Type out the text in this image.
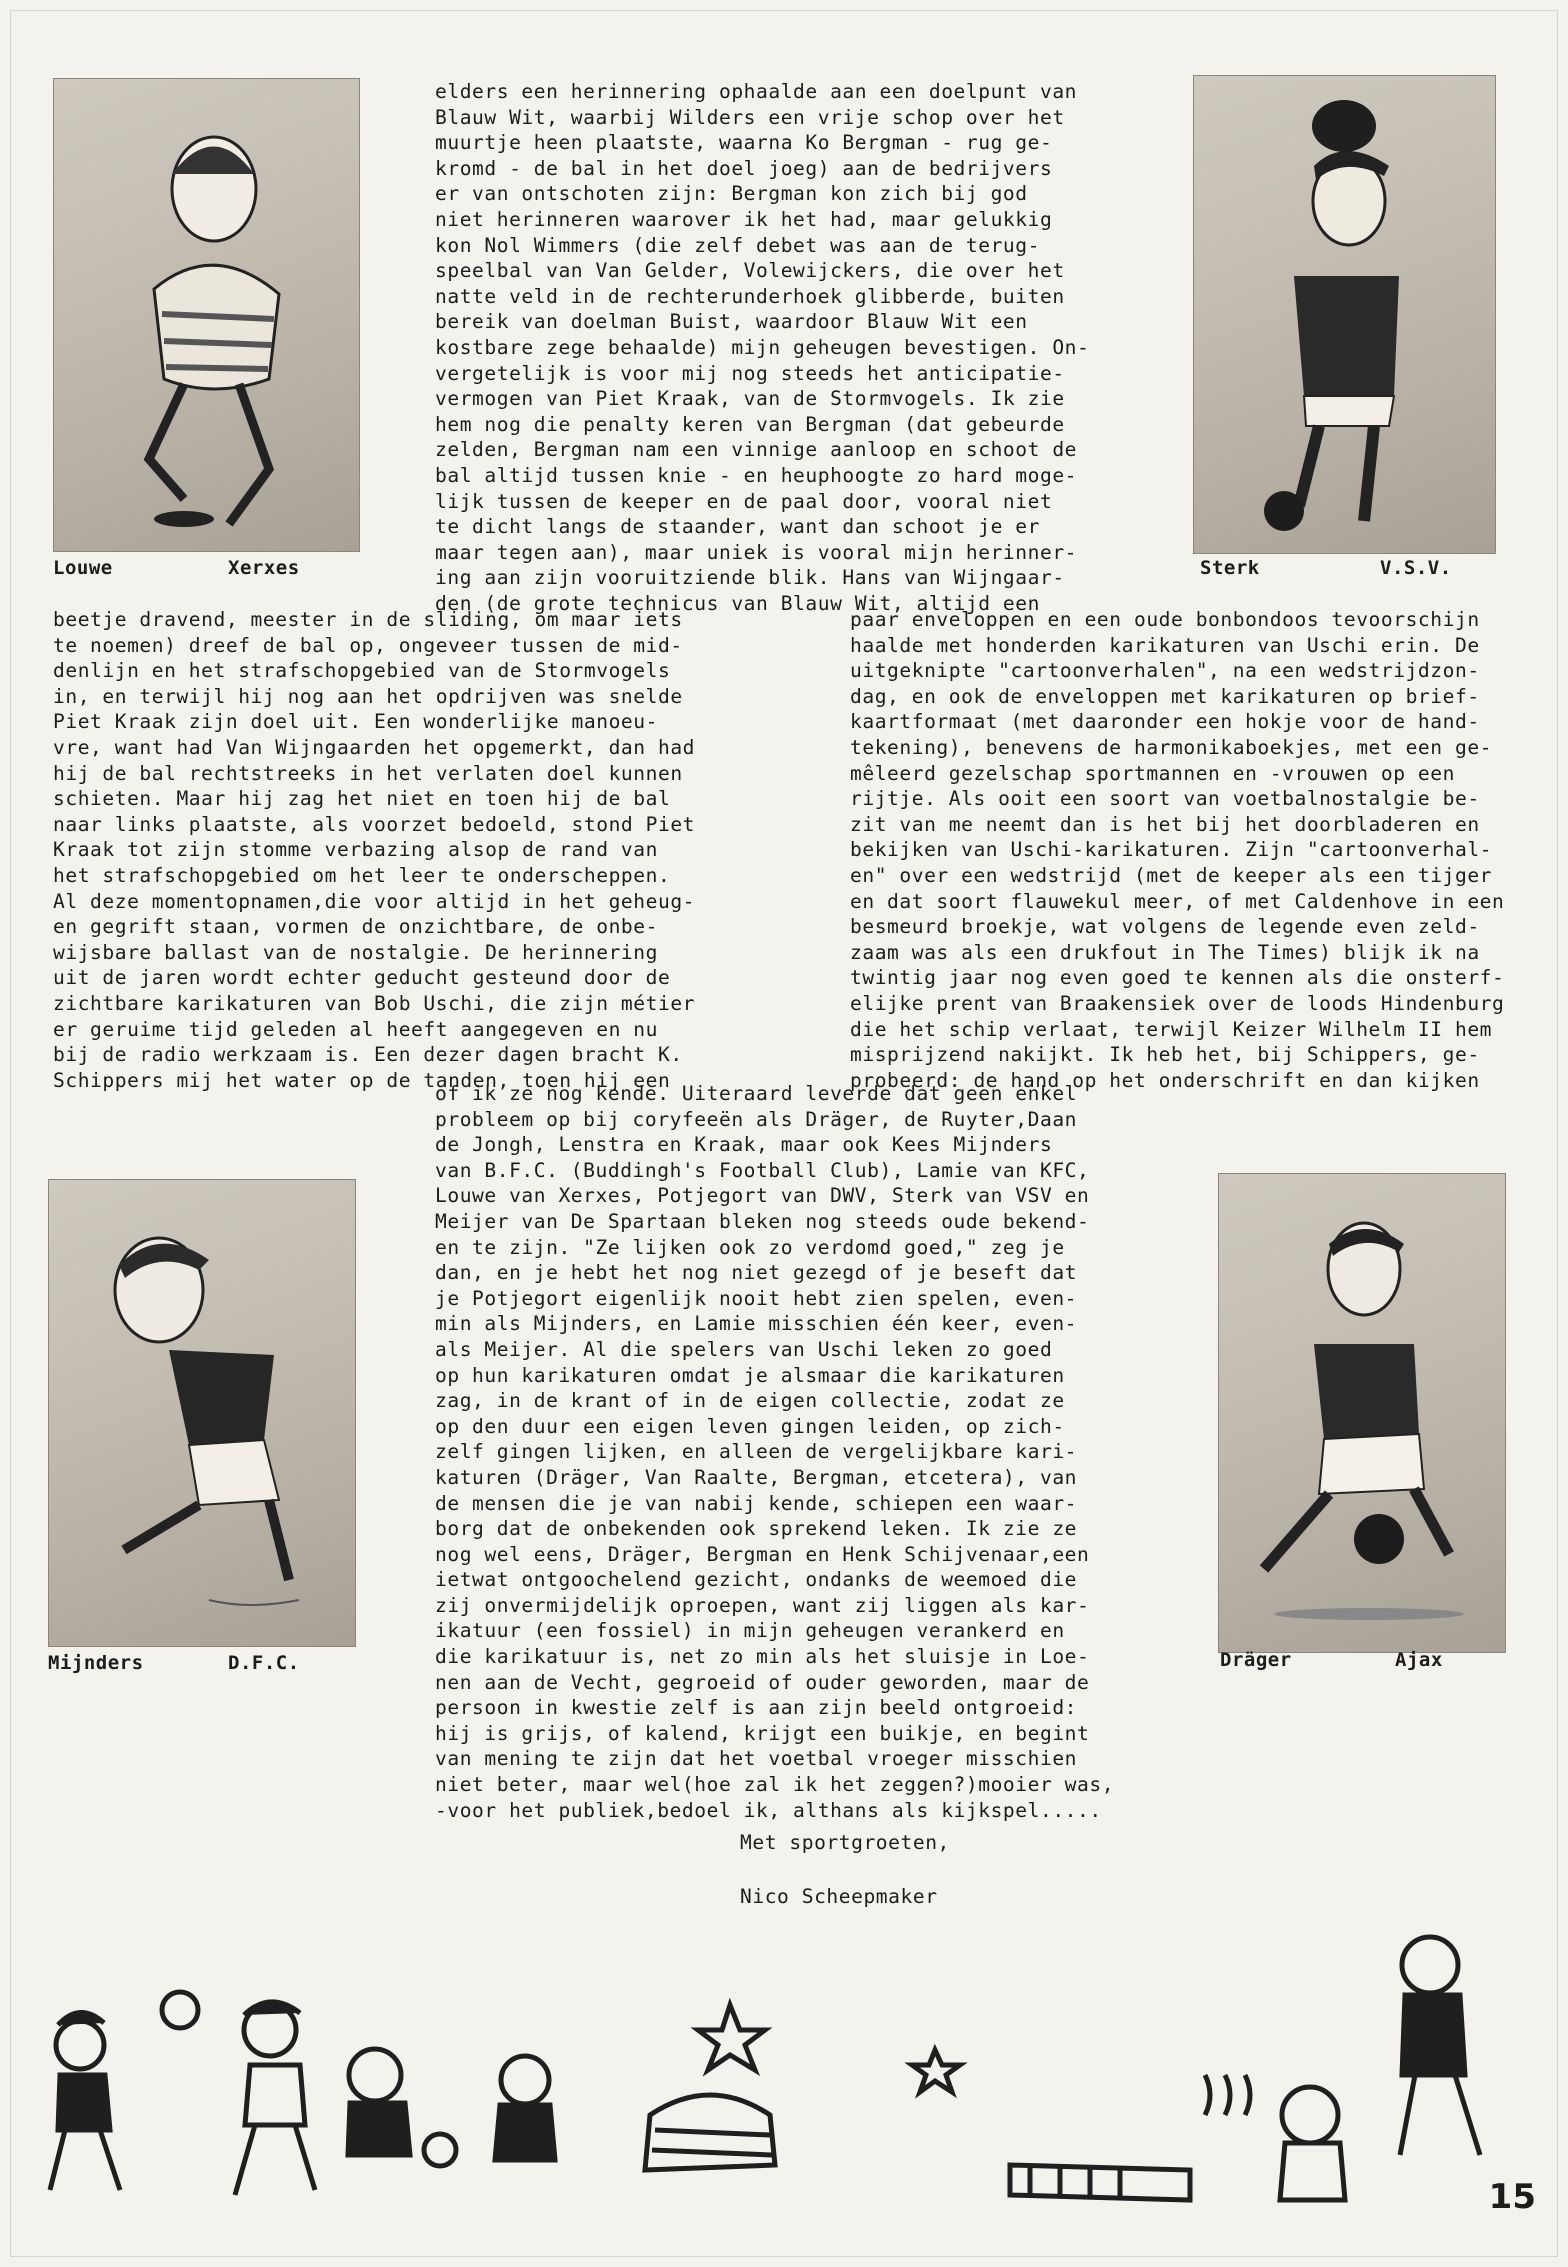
Louwe	Xerxes	Sterk	V.S.V.
elders een herinnering ophaalde aan een doelpunt van
Blauw Wit, waarbij Wilders een vrije schop over het
muurtje heen plaatste, waarna Ko Bergman - rug ge-
kromd - de bal in het doel joeg) aan de bedrijvers
er van ontschoten zijn: Bergman kon zich bij god
niet herinneren waarover ik het had, maar gelukkig
kon Nol Wimmers (die zelf debet was aan de terug-
speelbal van Van Gelder, Volewijckers, die over het
natte veld in de rechterunderhoek glibberde, buiten
bereik van doelman Buist, waardoor Blauw Wit een
kostbare zege behaalde) mijn geheugen bevestigen. On-
vergetelijk is voor mij nog steeds het anticipatie-
vermogen van Piet Kraak, van de Stormvogels. Ik zie
hem nog die penalty keren van Bergman (dat gebeurde
zelden, Bergman nam een vinnige aanloop en schoot de
bal altijd tussen knie - en heuphoogte zo hard moge-
lijk tussen de keeper en de paal door, vooral niet
te dicht langs de staander, want dan schoot je er
maar tegen aan), maar uniek is vooral mijn herinner-
ing aan zijn vooruitziende blik. Hans van Wijngaar-
den (de grote technicus van Blauw Wit, altijd een
beetje dravend, meester in de sliding, om maar iets
te noemen) dreef de bal op, ongeveer tussen de mid-
denlijn en het strafschopgebied van de Stormvogels
in, en terwijl hij nog aan het opdrijven was snelde
Piet Kraak zijn doel uit. Een wonderlijke manoeu-
vre, want had Van Wijngaarden het opgemerkt, dan had
hij de bal rechtstreeks in het verlaten doel kunnen
schieten. Maar hij zag het niet en toen hij de bal
naar links plaatste, als voorzet bedoeld, stond Piet
Kraak tot zijn stomme verbazing alsop de rand van
het strafschopgebied om het leer te onderscheppen.
Al deze momentopnamen,die voor altijd in het geheug-
en gegrift staan, vormen de onzichtbare, de onbe-
wijsbare ballast van de nostalgie. De herinnering
uit de jaren wordt echter geducht gesteund door de
zichtbare karikaturen van Bob Uschi, die zijn métier
er geruime tijd geleden al heeft aangegeven en nu
bij de radio werkzaam is. Een dezer dagen bracht K.
Schippers mij het water op de tanden, toen hij een
paar enveloppen en een oude bonbondoos tevoorschijn
haalde met honderden karikaturen van Uschi erin. De
uitgeknipte "cartoonverhalen", na een wedstrijdzon-
dag, en ook de enveloppen met karikaturen op brief-
kaartformaat (met daaronder een hokje voor de hand-
tekening), benevens de harmonikaboekjes, met een ge-
mêleerd gezelschap sportmannen en -vrouwen op een
rijtje. Als ooit een soort van voetbalnostalgie be-
zit van me neemt dan is het bij het doorbladeren en
bekijken van Uschi-karikaturen. Zijn "cartoonverhal-
en" over een wedstrijd (met de keeper als een tijger
en dat soort flauwekul meer, of met Caldenhove in een
besmeurd broekje, wat volgens de legende even zeld-
zaam was als een drukfout in The Times) blijk ik na
twintig jaar nog even goed te kennen als die onsterf-
elijke prent van Braakensiek over de loods Hindenburg
die het schip verlaat, terwijl Keizer Wilhelm II hem
misprijzend nakijkt. Ik heb het, bij Schippers, ge-
probeerd: de hand op het onderschrift en dan kijken
of ik ze nog kende. Uiteraard leverde dat geen enkel
probleem op bij coryfeeën als Dräger, de Ruyter,Daan
de Jongh, Lenstra en Kraak, maar ook Kees Mijnders
van B.F.C. (Buddingh's Football Club), Lamie van KFC,
Louwe van Xerxes, Potjegort van DWV, Sterk van VSV en
Meijer van De Spartaan bleken nog steeds oude bekend-
en te zijn. "Ze lijken ook zo verdomd goed," zeg je
dan, en je hebt het nog niet gezegd of je beseft dat
je Potjegort eigenlijk nooit hebt zien spelen, even-
min als Mijnders, en Lamie misschien één keer, even-
als Meijer. Al die spelers van Uschi leken zo goed
op hun karikaturen omdat je alsmaar die karikaturen
zag, in de krant of in de eigen collectie, zodat ze
op den duur een eigen leven gingen leiden, op zich-
zelf gingen lijken, en alleen de vergelijkbare kari-
katuren (Dräger, Van Raalte, Bergman, etcetera), van
de mensen die je van nabij kende, schiepen een waar-
borg dat de onbekenden ook sprekend leken. Ik zie ze
nog wel eens, Dräger, Bergman en Henk Schijvenaar,een
ietwat ontgoochelend gezicht, ondanks de weemoed die
zij onvermijdelijk oproepen, want zij liggen als kar-
ikatuur (een fossiel) in mijn geheugen verankerd en
die karikatuur is, net zo min als het sluisje in Loe-
nen aan de Vecht, gegroeid of ouder geworden, maar de
persoon in kwestie zelf is aan zijn beeld ontgroeid:
hij is grijs, of kalend, krijgt een buikje, en begint
van mening te zijn dat het voetbal vroeger misschien
niet beter, maar wel(hoe zal ik het zeggen?)mooier was,
-voor het publiek,bedoel ik, althans als kijkspel.....
Mijnders	D.F.C.	Dräger	Ajax
Met sportgroeten,
Nico Scheepmaker
15
